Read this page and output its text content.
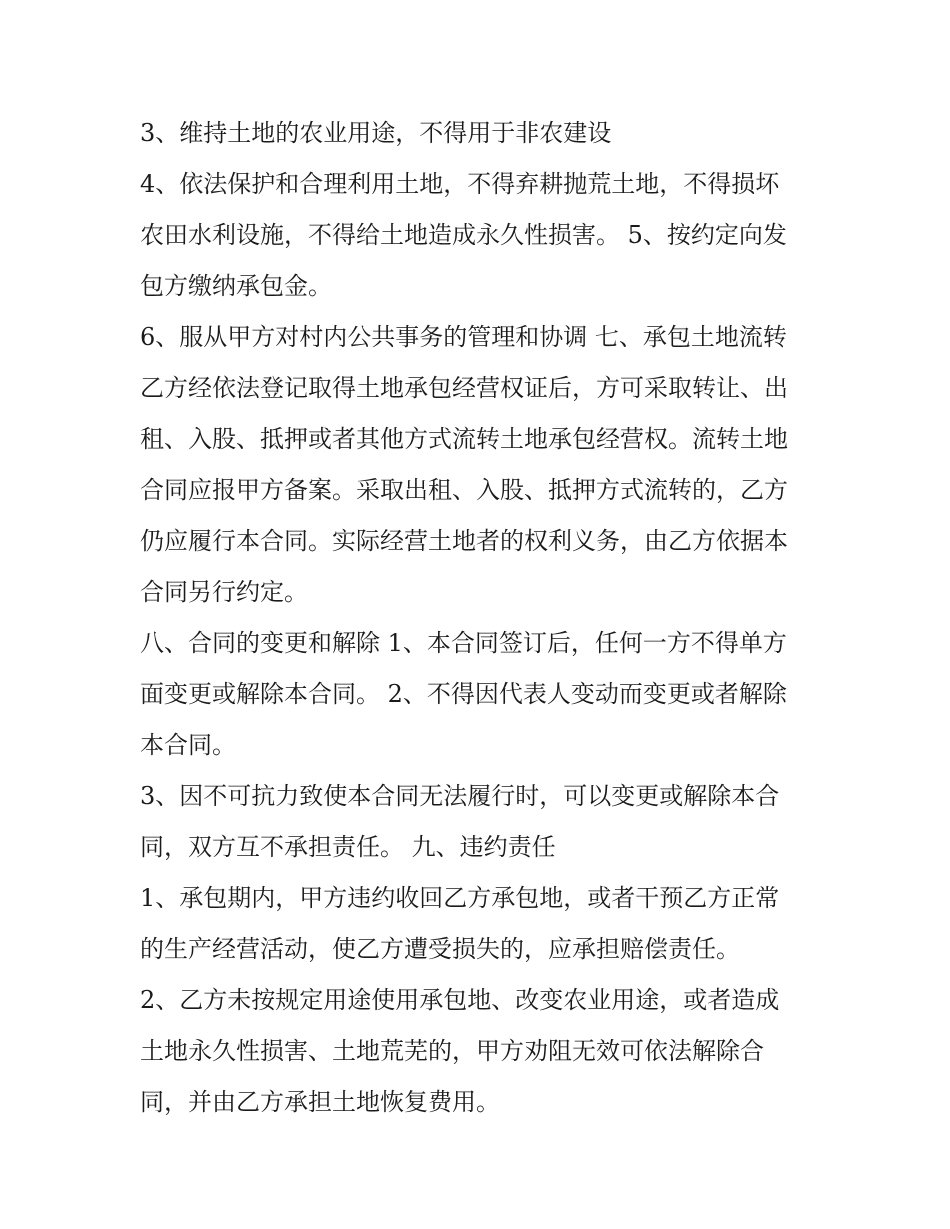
3、维持土地的农业用途，不得用于非农建设

4、依法保护和合理利用土地，不得弃耕抛荒土地，不得损坏

农田水利设施，不得给土地造成永久性损害。 5、按约定向发

包方缴纳承包金。

6、服从甲方对村内公共事务的管理和协调 七、承包土地流转

乙方经依法登记取得土地承包经营权证后，方可采取转让、出

租、入股、抵押或者其他方式流转土地承包经营权。流转土地

合同应报甲方备案。采取出租、入股、抵押方式流转的，乙方

仍应履行本合同。实际经营土地者的权利义务，由乙方依据本

合同另行约定。

八、合同的变更和解除 1、本合同签订后，任何一方不得单方

面变更或解除本合同。 2、不得因代表人变动而变更或者解除

本合同。

3、因不可抗力致使本合同无法履行时，可以变更或解除本合

同，双方互不承担责任。 九、违约责任

1、承包期内，甲方违约收回乙方承包地，或者干预乙方正常

的生产经营活动，使乙方遭受损失的，应承担赔偿责任。

2、乙方未按规定用途使用承包地、改变农业用途，或者造成

土地永久性损害、土地荒芜的，甲方劝阻无效可依法解除合

同，并由乙方承担土地恢复费用。
